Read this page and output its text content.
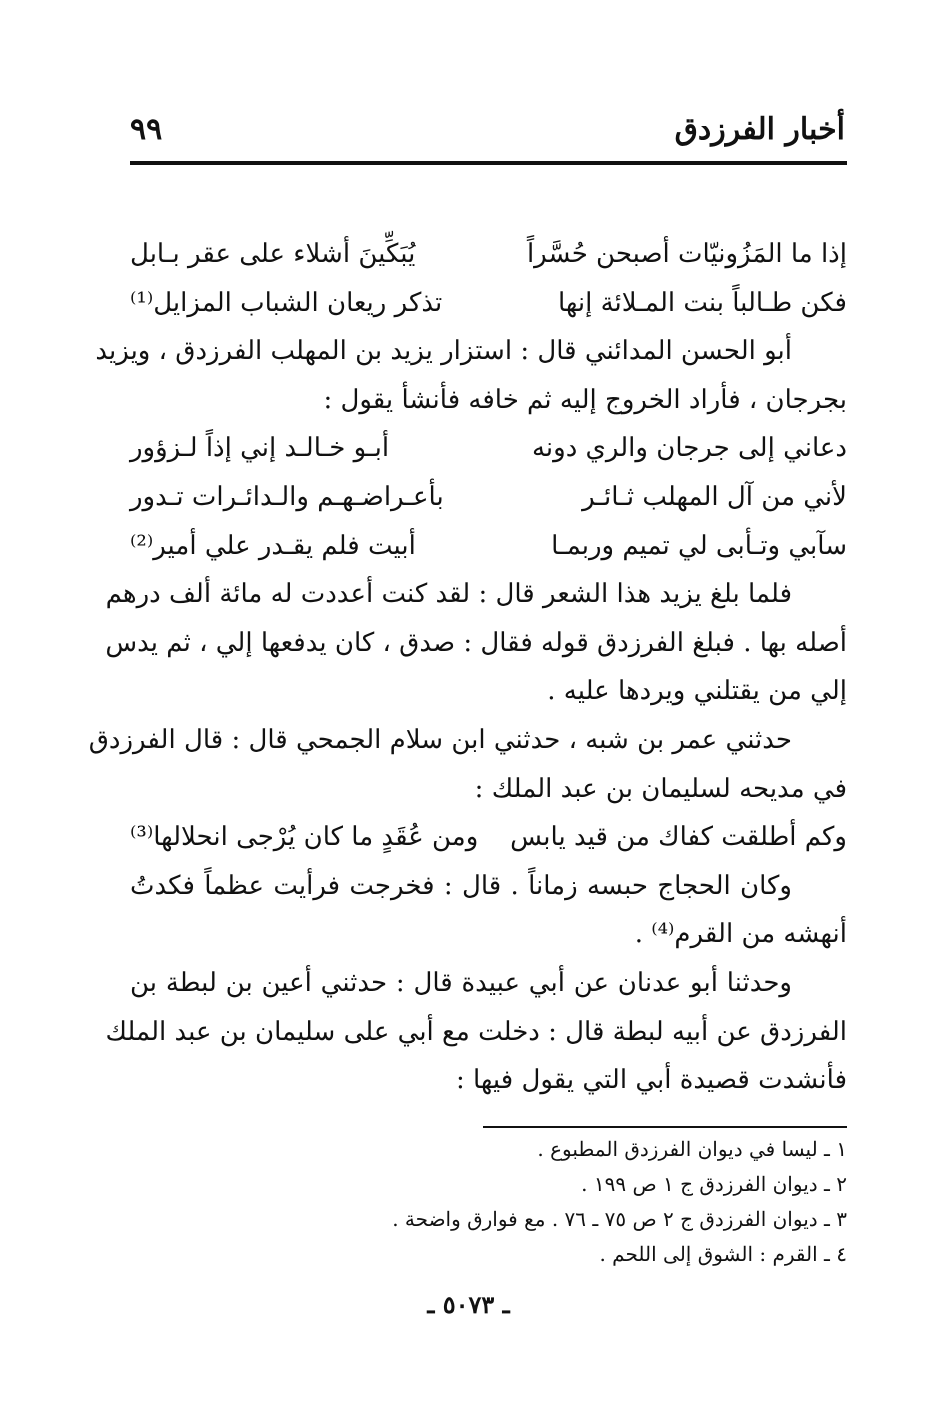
أخبار الفرزدق
٩٩
إذا ما المَزُونيّات أصبحن حُسَّراً
يُبَكِّينَ أشلاء على عقر بـابل
فكن طـالباً بنت المـلائة إنها
تذكر ريعان الشباب المزايل⁽¹⁾
أبو الحسن المدائني قال : استزار يزيد بن المهلب الفرزدق ، ويزيد
بجرجان ، فأراد الخروج إليه ثم خافه فأنشأ يقول :
دعاني إلى جرجان والري دونه
أبـو خـالـد إني إذاً لـزؤور
لأني من آل المهلب ثـائـر
بأعـراضـهـم والـدائـرات تـدور
سآبي وتـأبى لي تميم وربمـا
أبيت فلم يقـدر علي أمير⁽²⁾
فلما بلغ يزيد هذا الشعر قال : لقد كنت أعددت له مائة ألف درهم
أصله بها . فبلغ الفرزدق قوله فقال : صدق ، كان يدفعها إلي ، ثم يدس
إلي من يقتلني ويردها عليه .
حدثني عمر بن شبه ، حدثني ابن سلام الجمحي قال : قال الفرزدق
في مديحه لسليمان بن عبد الملك :
وكم أطلقت كفاك من قيد يابس
ومن عُقَدٍ ما كان يُرْجى انحلالها⁽³⁾
وكان الحجاج حبسه زماناً . قال : فخرجت فرأيت عظماً فكدتُ
أنهشه من القرم⁽⁴⁾ .
وحدثنا أبو عدنان عن أبي عبيدة قال : حدثني أعين بن لبطة بن
الفرزدق عن أبيه لبطة قال : دخلت مع أبي على سليمان بن عبد الملك
فأنشدت قصيدة أبي التي يقول فيها :
١ ـ ليسا في ديوان الفرزدق المطبوع .
٢ ـ ديوان الفرزدق ج ١ ص ١٩٩ .
٣ ـ ديوان الفرزدق ج ٢ ص ٧٥ ـ ٧٦ . مع فوارق واضحة .
٤ ـ القرم : الشوق إلى اللحم .
ـ ٥٠٧٣ ـ
